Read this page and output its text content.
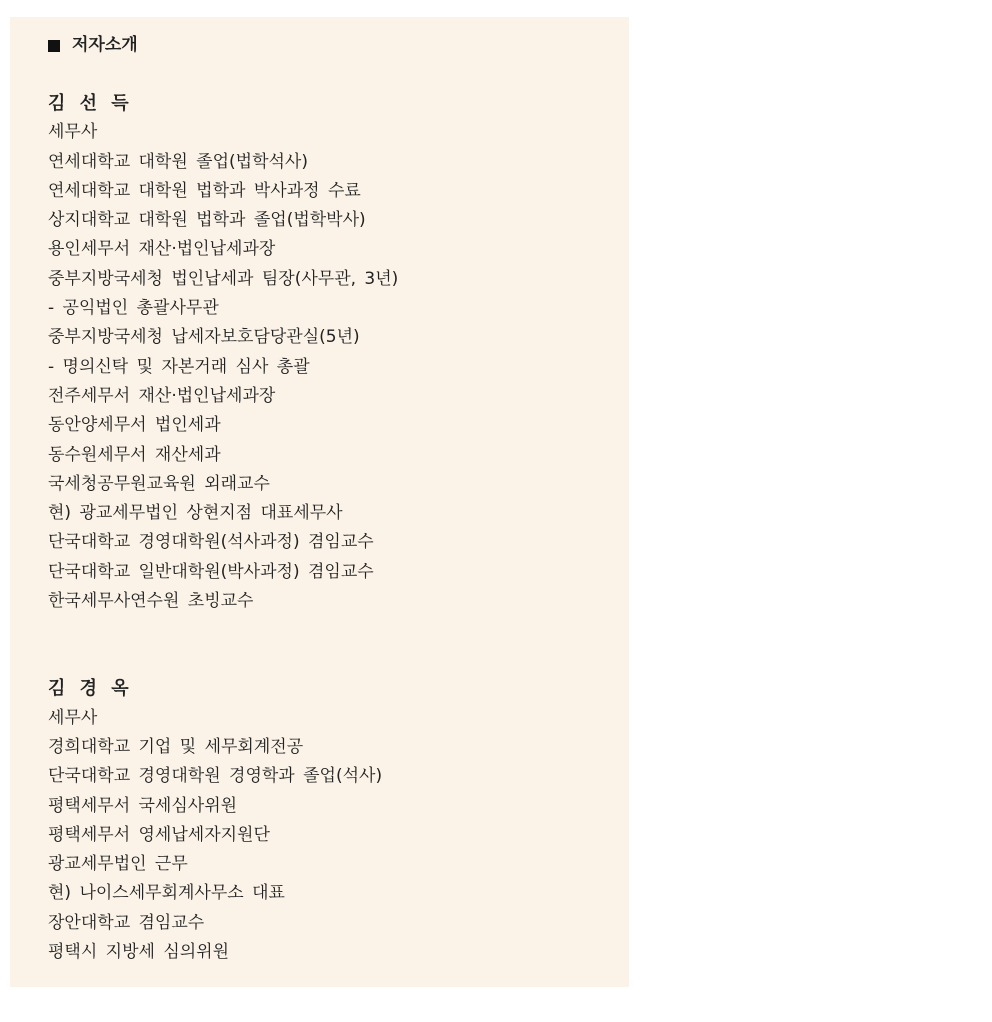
저자소개
김 선 득
세무사
연세대학교 대학원 졸업(법학석사)
연세대학교 대학원 법학과 박사과정 수료
상지대학교 대학원 법학과 졸업(법학박사)
용인세무서 재산·법인납세과장
중부지방국세청 법인납세과 팀장(사무관, 3년)
- 공익법인 총괄사무관
중부지방국세청 납세자보호담당관실(5년)
- 명의신탁 및 자본거래 심사 총괄
전주세무서 재산·법인납세과장
동안양세무서 법인세과
동수원세무서 재산세과
국세청공무원교육원 외래교수
현) 광교세무법인 상현지점 대표세무사
단국대학교 경영대학원(석사과정) 겸임교수
단국대학교 일반대학원(박사과정) 겸임교수
한국세무사연수원 초빙교수
김 경 옥
세무사
경희대학교 기업 및 세무회계전공
단국대학교 경영대학원 경영학과 졸업(석사)
평택세무서 국세심사위원
평택세무서 영세납세자지원단
광교세무법인 근무
현) 나이스세무회계사무소 대표
장안대학교 겸임교수
평택시 지방세 심의위원
